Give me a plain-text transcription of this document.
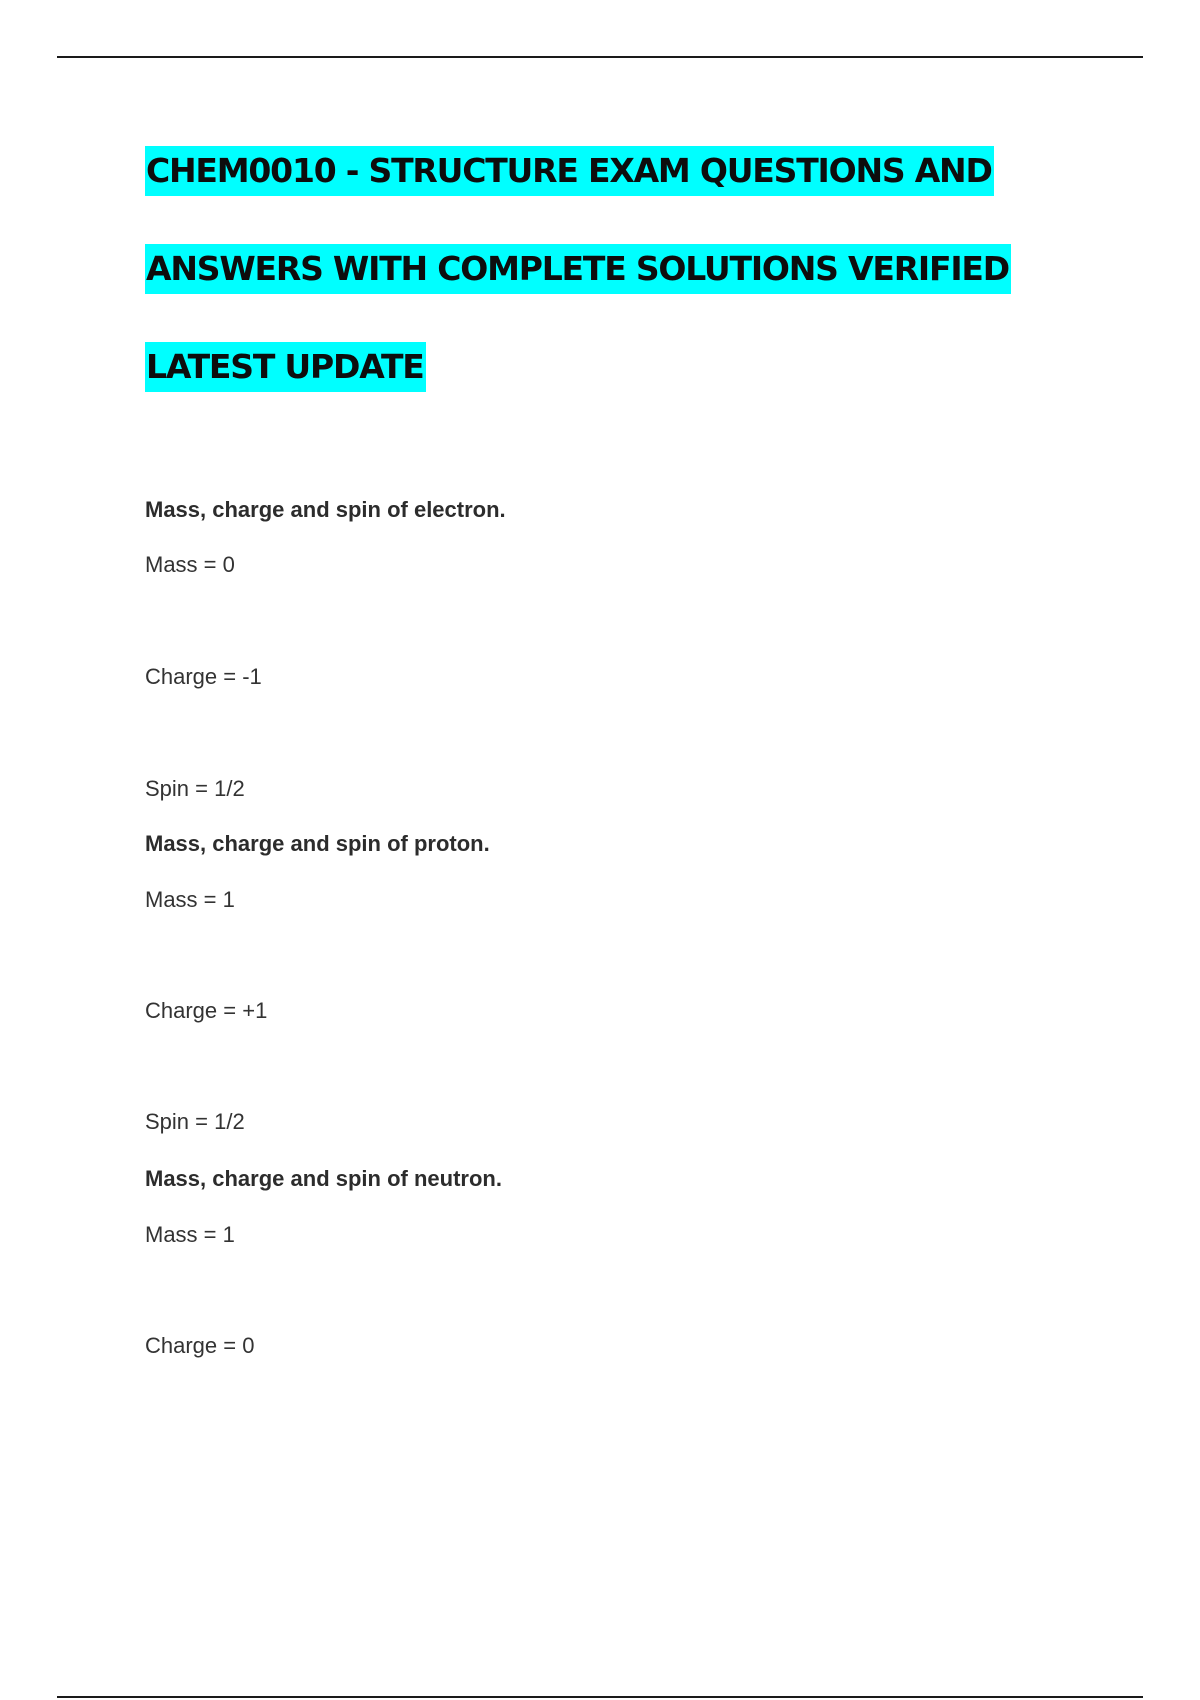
CHEM0010 - STRUCTURE EXAM QUESTIONS AND
ANSWERS WITH COMPLETE SOLUTIONS VERIFIED
LATEST UPDATE
Mass, charge and spin of electron.
Mass = 0
Charge = -1
Spin = 1/2
Mass, charge and spin of proton.
Mass = 1
Charge = +1
Spin = 1/2
Mass, charge and spin of neutron.
Mass = 1
Charge = 0
